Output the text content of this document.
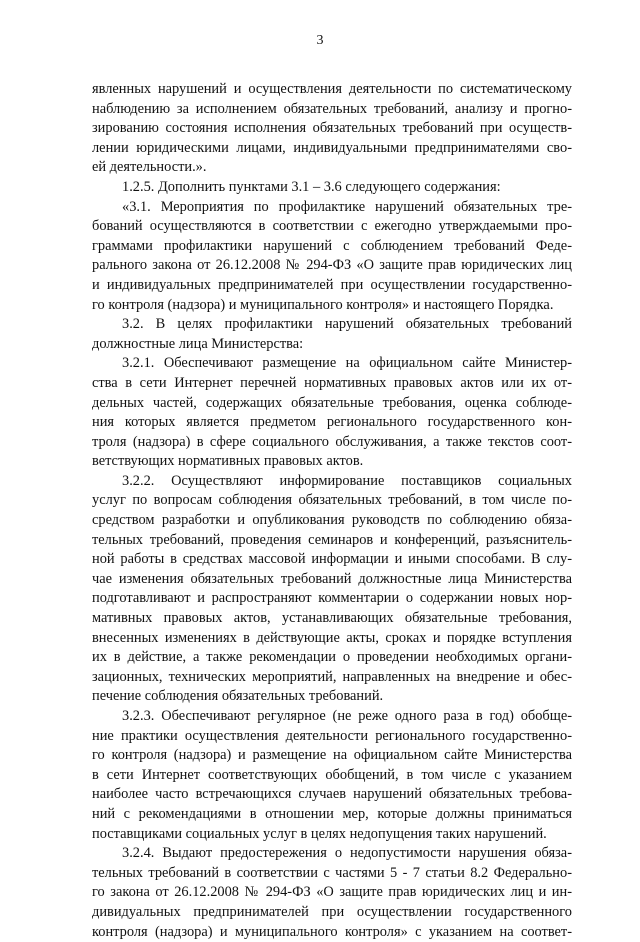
3
явленных нарушений и осуществления деятельности по систематическому
наблюдению за исполнением обязательных требований, анализу и прогно-
зированию состояния исполнения обязательных требований при осуществ-
лении юридическими лицами, индивидуальными предпринимателями сво-
ей деятельности.».
1.2.5. Дополнить пунктами 3.1 – 3.6 следующего содержания:
«3.1. Мероприятия по профилактике нарушений обязательных тре-
бований осуществляются в соответствии с ежегодно утверждаемыми про-
граммами профилактики нарушений с соблюдением требований Феде-
рального закона от 26.12.2008 № 294-ФЗ «О защите прав юридических лиц
и индивидуальных предпринимателей при осуществлении государственно-
го контроля (надзора) и муниципального контроля» и настоящего Порядка.
3.2. В целях профилактики нарушений обязательных требований
должностные лица Министерства:
3.2.1. Обеспечивают размещение на официальном сайте Министер-
ства в сети Интернет перечней нормативных правовых актов или их от-
дельных частей, содержащих обязательные требования, оценка соблюде-
ния которых является предметом регионального государственного кон-
троля (надзора) в сфере социального обслуживания, а также текстов соот-
ветствующих нормативных правовых актов.
3.2.2. Осуществляют информирование поставщиков социальных
услуг по вопросам соблюдения обязательных требований, в том числе по-
средством разработки и опубликования руководств по соблюдению обяза-
тельных требований, проведения семинаров и конференций, разъяснитель-
ной работы в средствах массовой информации и иными способами. В слу-
чае изменения обязательных требований должностные лица Министерства
подготавливают и распространяют комментарии о содержании новых нор-
мативных правовых актов, устанавливающих обязательные требования,
внесенных изменениях в действующие акты, сроках и порядке вступления
их в действие, а также рекомендации о проведении необходимых органи-
зационных, технических мероприятий, направленных на внедрение и обес-
печение соблюдения обязательных требований.
3.2.3. Обеспечивают регулярное (не реже одного раза в год) обобще-
ние практики осуществления деятельности регионального государственно-
го контроля (надзора) и размещение на официальном сайте Министерства
в сети Интернет соответствующих обобщений, в том числе с указанием
наиболее часто встречающихся случаев нарушений обязательных требова-
ний с рекомендациями в отношении мер, которые должны приниматься
поставщиками социальных услуг в целях недопущения таких нарушений.
3.2.4. Выдают предостережения о недопустимости нарушения обяза-
тельных требований в соответствии с частями 5 - 7 статьи 8.2 Федерально-
го закона от 26.12.2008 № 294-ФЗ «О защите прав юридических лиц и ин-
дивидуальных предпринимателей при осуществлении государственного
контроля (надзора) и муниципального контроля» с указанием на соответ-
